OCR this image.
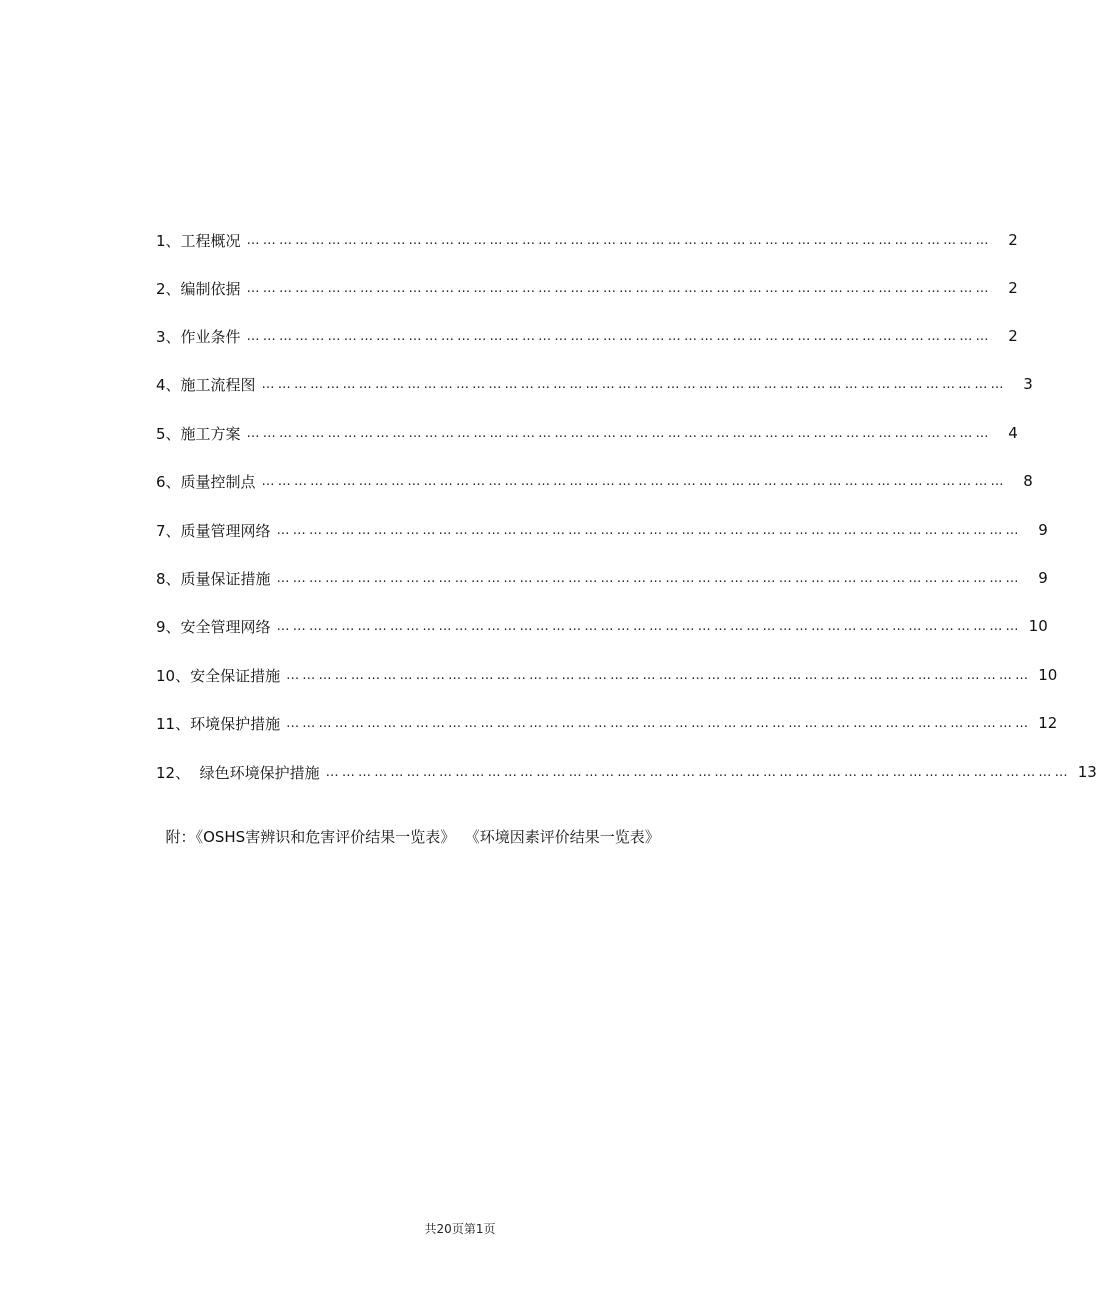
1、工程概况 …………………………………………………………………………………………………………………………	2
2、编制依据 …………………………………………………………………………………………………………………………	2
3、作业条件 …………………………………………………………………………………………………………………………	2
4、施工流程图 …………………………………………………………………………………………………………………………	3
5、施工方案 …………………………………………………………………………………………………………………………	4
6、质量控制点 …………………………………………………………………………………………………………………………	8
7、质量管理网络 …………………………………………………………………………………………………………………………	9
8、质量保证措施 …………………………………………………………………………………………………………………………	9
9、安全管理网络 ………………………………………………………………………………………………………………………… 10
10、安全保证措施 ………………………………………………………………………………………………………………………… 10
11、环境保护措施 ………………………………………………………………………………………………………………………… 12
12、  绿色环境保护措施 ………………………………………………………………………………………………………………………… 13

附：《OSHS害辨识和危害评价结果一览表》 《环境因素评价结果一览表》

共20页第1页
